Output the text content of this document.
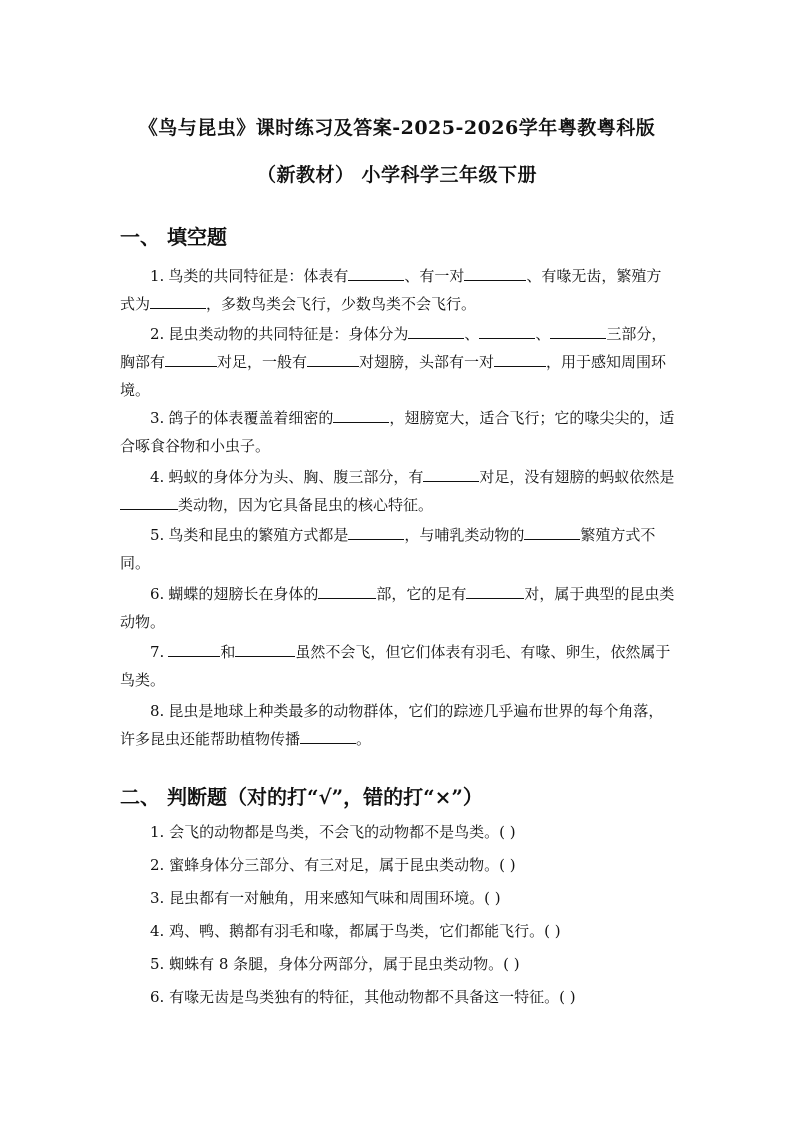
《鸟与昆虫》课时练习及答案-2025-2026学年粤教粤科版
（新教材） 小学科学三年级下册
一、 填空题
1. 鸟类的共同特征是：体表有	、有一对	、有喙无齿，繁殖方式为	，多数鸟类会飞行，少数鸟类不会飞行。
2. 昆虫类动物的共同特征是：身体分为	、	、	三部分，胸部有	对足，一般有	对翅膀，头部有一对	，用于感知周围环境。
3. 鸽子的体表覆盖着细密的	，翅膀宽大，适合飞行；它的喙尖尖的，适合啄食谷物和小虫子。
4. 蚂蚁的身体分为头、胸、腹三部分，有	对足，没有翅膀的蚂蚁依然是类动物，因为它具备昆虫的核心特征。
5. 鸟类和昆虫的繁殖方式都是	，与哺乳类动物的	繁殖方式不同。
6. 蝴蝶的翅膀长在身体的	部，它的足有	对，属于典型的昆虫类动物。
7.	和	虽然不会飞，但它们体表有羽毛、有喙、卵生，依然属于鸟类。
8. 昆虫是地球上种类最多的动物群体，它们的踪迹几乎遍布世界的每个角落，许多昆虫还能帮助植物传播	。
二、 判断题（对的打“√”，错的打“×”）
1. 会飞的动物都是鸟类，不会飞的动物都不是鸟类。( )
2. 蜜蜂身体分三部分、有三对足，属于昆虫类动物。( )
3. 昆虫都有一对触角，用来感知气味和周围环境。( )
4. 鸡、鸭、鹅都有羽毛和喙，都属于鸟类，它们都能飞行。( )
5. 蜘蛛有 8 条腿，身体分两部分，属于昆虫类动物。( )
6. 有喙无齿是鸟类独有的特征，其他动物都不具备这一特征。( )
